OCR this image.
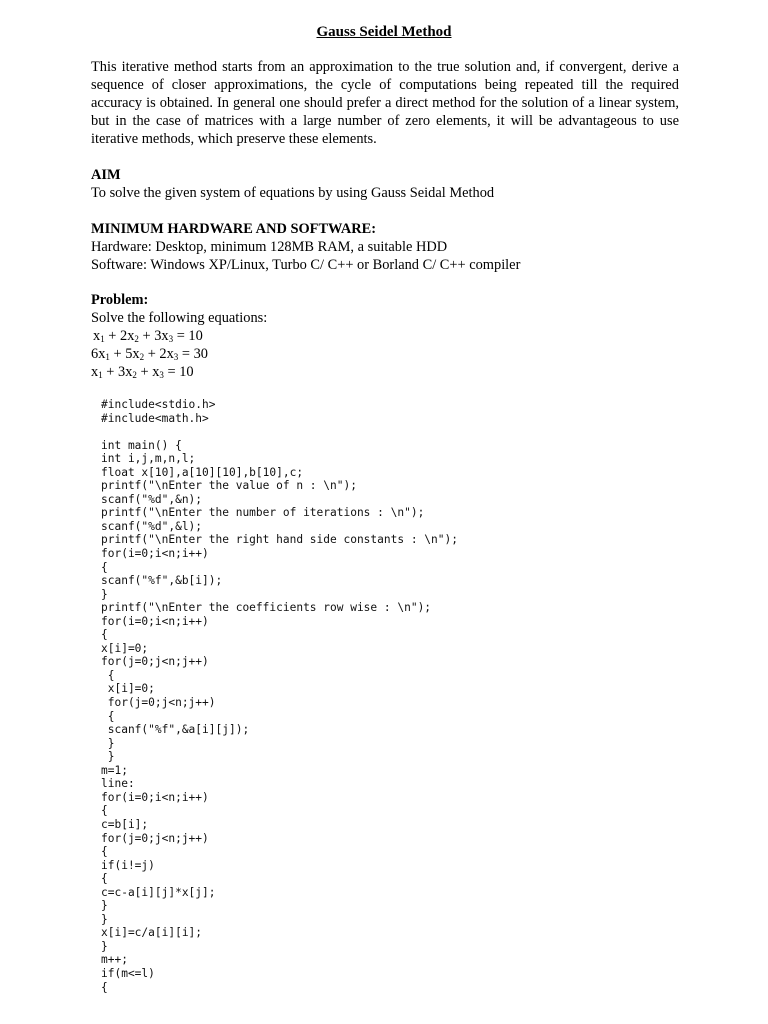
Gauss Seidel Method
This iterative method starts from an approximation to the true solution and, if convergent, derive a sequence of closer approximations, the cycle of computations being repeated till the required accuracy is obtained. In general one should prefer a direct method for the solution of a linear system, but in the case of matrices with a large number of zero elements, it will be advantageous to use iterative methods, which preserve these elements.
AIM
To solve the given system of equations by using Gauss Seidal Method
MINIMUM HARDWARE AND SOFTWARE:
Hardware: Desktop, minimum 128MB RAM, a suitable HDD
Software: Windows XP/Linux, Turbo C/ C++ or Borland C/ C++ compiler
Problem:
Solve the following equations:
$x_1 + 2x_2 + 3x_3 = 10$
$6x_1 + 5x_2 + 2x_3 = 30$
$x_1 + 3x_2 + x_3 = 10$
#include<stdio.h>
#include<math.h>
int main() {
int i,j,m,n,l;
float x[10],a[10][10],b[10],c;
printf("\nEnter the value of n : \n");
scanf("%d",&n);
printf("\nEnter the number of iterations : \n");
scanf("%d",&l);
printf("\nEnter the right hand side constants : \n");
for(i=0;i<n;i++)
{
scanf("%f",&b[i]);
}
printf("\nEnter the coefficients row wise : \n");
for(i=0;i<n;i++)
{
x[i]=0;
for(j=0;j<n;j++)
{
x[i]=0;
for(j=0;j<n;j++)
{
scanf("%f",&a[i][j]);
}
}
m=1;
line:
for(i=0;i<n;i++)
{
c=b[i];
for(j=0;j<n;j++)
{
if(i!=j)
{
c=c-a[i][j]*x[j];
}
}
x[i]=c/a[i][i];
}
m++;
if(m<=l)
{
